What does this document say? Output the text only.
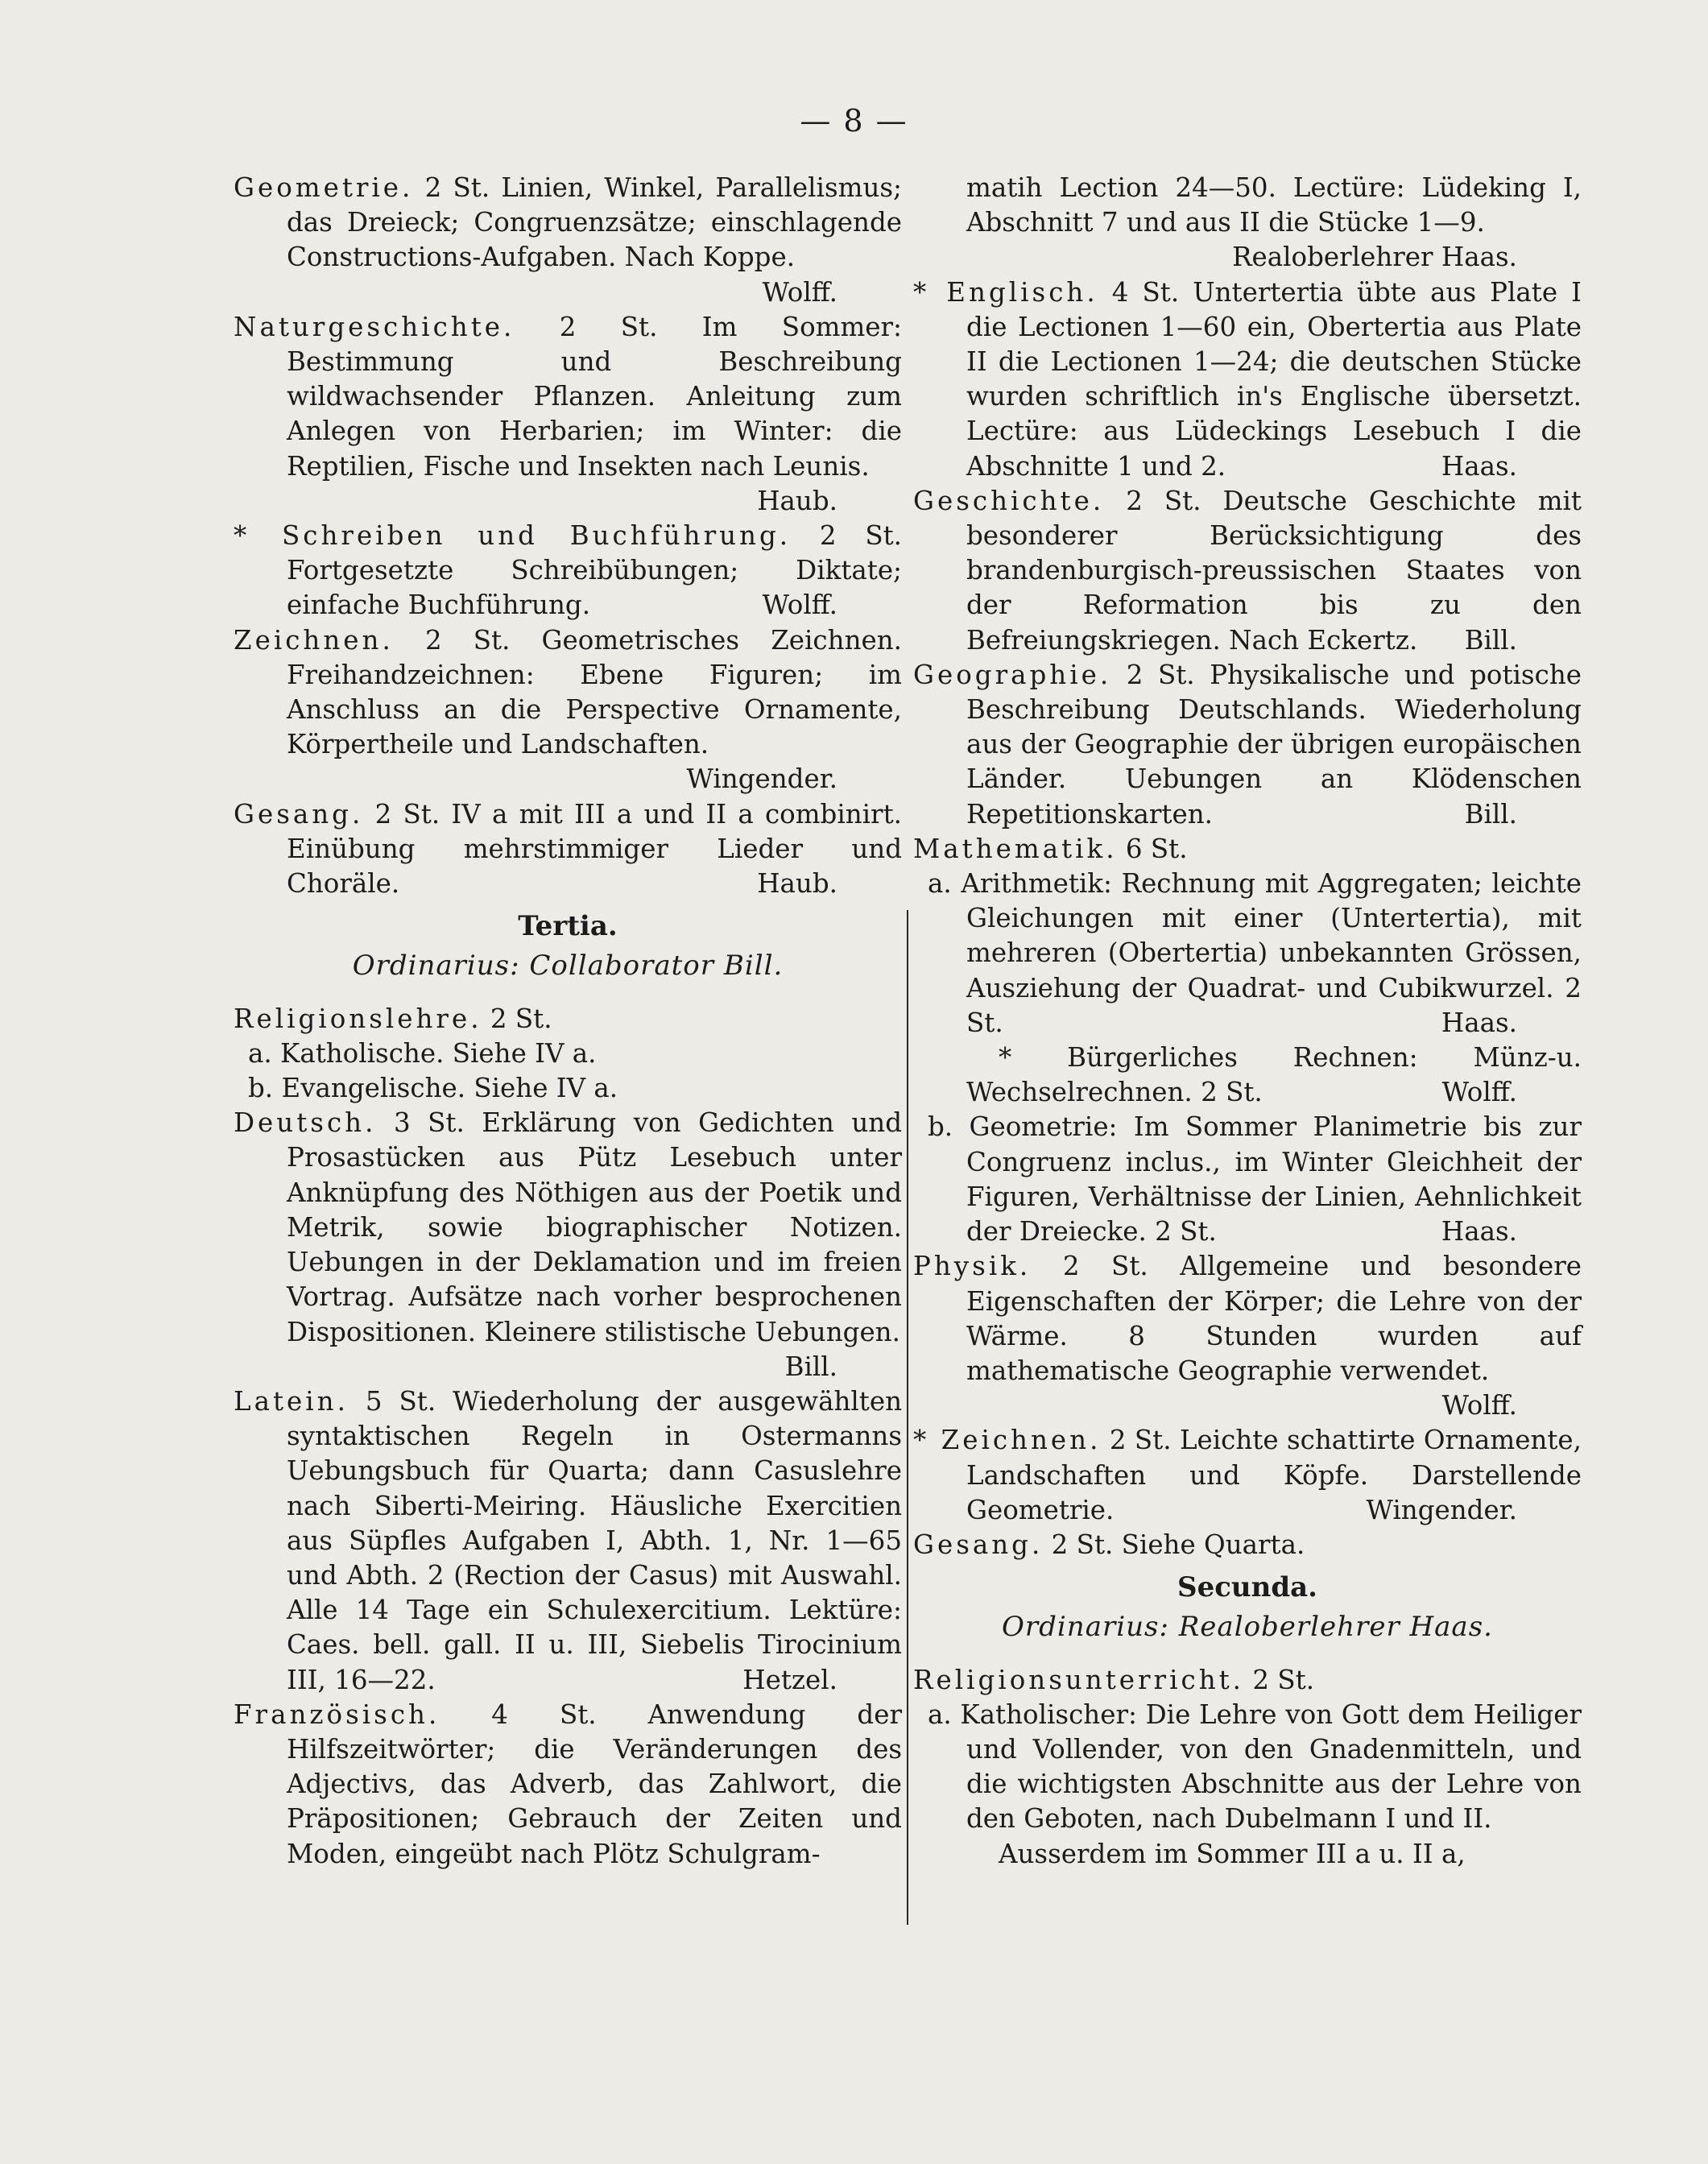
— 8 —

Geometrie. 2 St. Linien, Winkel, Parallelismus; das Dreieck; Congruenzsätze; einschlagende Constructions-Aufgaben. Nach Koppe.
Wolff.

Naturgeschichte. 2 St. Im Sommer: Bestimmung und Beschreibung wildwachsender Pflanzen. Anleitung zum Anlegen von Herbarien; im Winter: die Reptilien, Fische und Insekten nach Leunis.
Haub.

* Schreiben und Buchführung. 2 St. Fortgesetzte Schreibübungen; Diktate; einfache Buchführung.	Wolff.

Zeichnen. 2 St. Geometrisches Zeichnen. Freihandzeichnen: Ebene Figuren; im Anschluss an die Perspective Ornamente, Körpertheile und Landschaften.
Wingender.

Gesang. 2 St. IV a mit III a und II a combinirt. Einübung mehrstimmiger Lieder und Choräle.	Haub.

Tertia.
Ordinarius: Collaborator Bill.

Religionslehre. 2 St.

a. Katholische. Siehe IV a.

b. Evangelische. Siehe IV a.

Deutsch. 3 St. Erklärung von Gedichten und Prosastücken aus Pütz Lesebuch unter Anknüpfung des Nöthigen aus der Poetik und Metrik, sowie biographischer Notizen. Uebungen in der Deklamation und im freien Vortrag. Aufsätze nach vorher besprochenen Dispositionen. Kleinere stilistische Uebungen.
Bill.

Latein. 5 St. Wiederholung der ausgewählten syntaktischen Regeln in Ostermanns Uebungsbuch für Quarta; dann Casuslehre nach Siberti-Meiring. Häusliche Exercitien aus Süpfles Aufgaben I, Abth. 1, Nr. 1—65 und Abth. 2 (Rection der Casus) mit Auswahl. Alle 14 Tage ein Schulexercitium. Lektüre: Caes. bell. gall. II u. III, Siebelis Tirocinium III, 16—22.	Hetzel.

Französisch. 4 St. Anwendung der Hilfszeitwörter; die Veränderungen des Adjectivs, das Adverb, das Zahlwort, die Präpositionen; Gebrauch der Zeiten und Moden, eingeübt nach Plötz Schulgram-

matih Lection 24—50. Lectüre: Lüdeking I, Abschnitt 7 und aus II die Stücke 1—9.
Realoberlehrer Haas.

* Englisch. 4 St. Untertertia übte aus Plate I die Lectionen 1—60 ein, Obertertia aus Plate II die Lectionen 1—24; die deutschen Stücke wurden schriftlich in's Englische übersetzt. Lectüre: aus Lüdeckings Lesebuch I die Abschnitte 1 und 2.	Haas.

Geschichte. 2 St. Deutsche Geschichte mit besonderer Berücksichtigung des brandenburgisch-preussischen Staates von der Reformation bis zu den Befreiungskriegen. Nach Eckertz. Bill.

Geographie. 2 St. Physikalische und potische Beschreibung Deutschlands. Wiederholung aus der Geographie der übrigen europäischen Länder. Uebungen an Klödenschen Repetitionskarten.	Bill.

Mathematik. 6 St.

a. Arithmetik: Rechnung mit Aggregaten; leichte Gleichungen mit einer (Untertertia), mit mehreren (Obertertia) unbekannten Grössen, Ausziehung der Quadrat- und Cubikwurzel. 2 St.	Haas.

* Bürgerliches Rechnen: Münz-u. Wechselrechnen. 2 St.	Wolff.

b. Geometrie: Im Sommer Planimetrie bis zur Congruenz inclus., im Winter Gleichheit der Figuren, Verhältnisse der Linien, Aehnlichkeit der Dreiecke. 2 St.	Haas.

Physik. 2 St. Allgemeine und besondere Eigenschaften der Körper; die Lehre von der Wärme. 8 Stunden wurden auf mathematische Geographie verwendet.
Wolff.

* Zeichnen. 2 St. Leichte schattirte Ornamente, Landschaften und Köpfe. Darstellende Geometrie.	Wingender.

Gesang. 2 St. Siehe Quarta.

Secunda.
Ordinarius: Realoberlehrer Haas.

Religionsunterricht. 2 St.

a. Katholischer: Die Lehre von Gott dem Heiliger und Vollender, von den Gnadenmitteln, und die wichtigsten Abschnitte aus der Lehre von den Geboten, nach Dubelmann I und II.

Ausserdem im Sommer III a u. II a,
